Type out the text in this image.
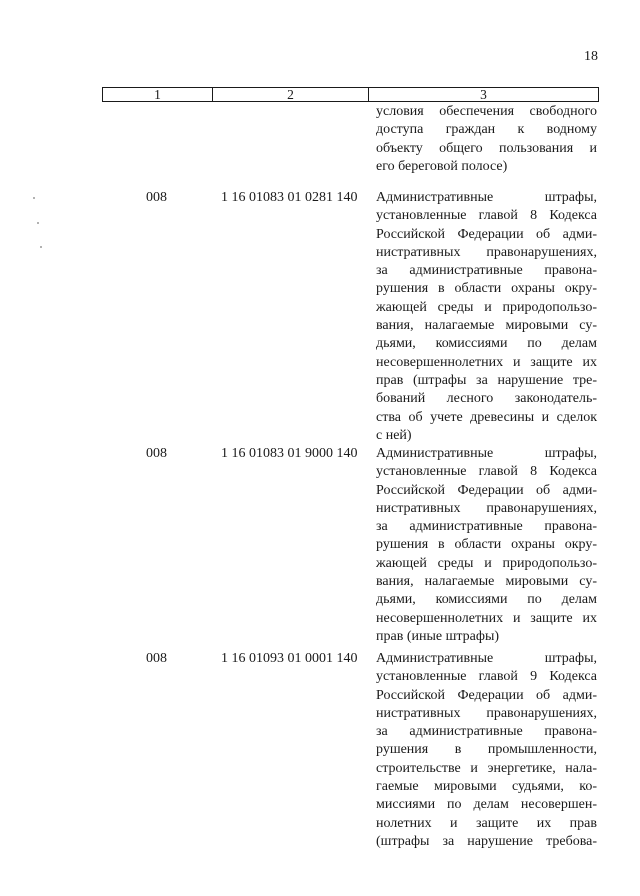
18
1	2	3
условия обеспечения свободного
доступа граждан к водному
объекту общего пользования и
его береговой полосе)
008	1 16 01083 01 0281 140 Административные штрафы,
установленные главой 8 Кодекса
Российской Федерации об адми-
нистративных правонарушениях,
за административные правона-
рушения в области охраны окру-
жающей среды и природопользо-
вания, налагаемые мировыми су-
дьями, комиссиями по делам
несовершеннолетних и защите их
прав (штрафы за нарушение тре-
бований лесного законодатель-
ства об учете древесины и сделок
с ней)
008	1 16 01083 01 9000 140 Административные штрафы,
установленные главой 8 Кодекса
Российской Федерации об адми-
нистративных правонарушениях,
за административные правона-
рушения в области охраны окру-
жающей среды и природопользо-
вания, налагаемые мировыми су-
дьями, комиссиями по делам
несовершеннолетних и защите их
прав (иные штрафы)
008	1 16 01093 01 0001 140 Административные штрафы,
установленные главой 9 Кодекса
Российской Федерации об адми-
нистративных правонарушениях,
за административные правона-
рушения в промышленности,
строительстве и энергетике, нала-
гаемые мировыми судьями, ко-
миссиями по делам несовершен-
нолетних и защите их прав
(штрафы за нарушение требова-
